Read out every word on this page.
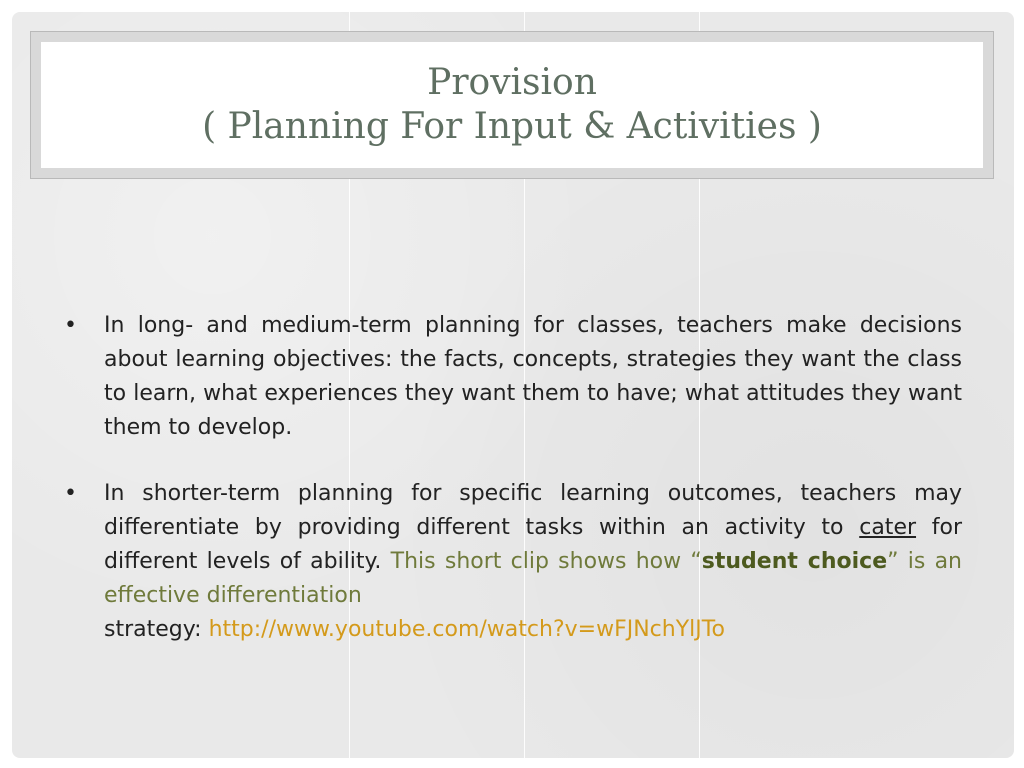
Provision
( Planning For Input & Activities )
•	In long- and medium-term planning for classes, teachers make decisions about learning objectives: the facts, concepts, strategies they want the class to learn, what experiences they want them to have; what attitudes they want them to develop.
•	In shorter-term planning for specific learning outcomes, teachers may differentiate by providing different tasks within an activity to cater for different levels of ability. This short clip shows how “student choice” is an effective differentiation
strategy: http://www.youtube.com/watch?v=wFJNchYlJTo
